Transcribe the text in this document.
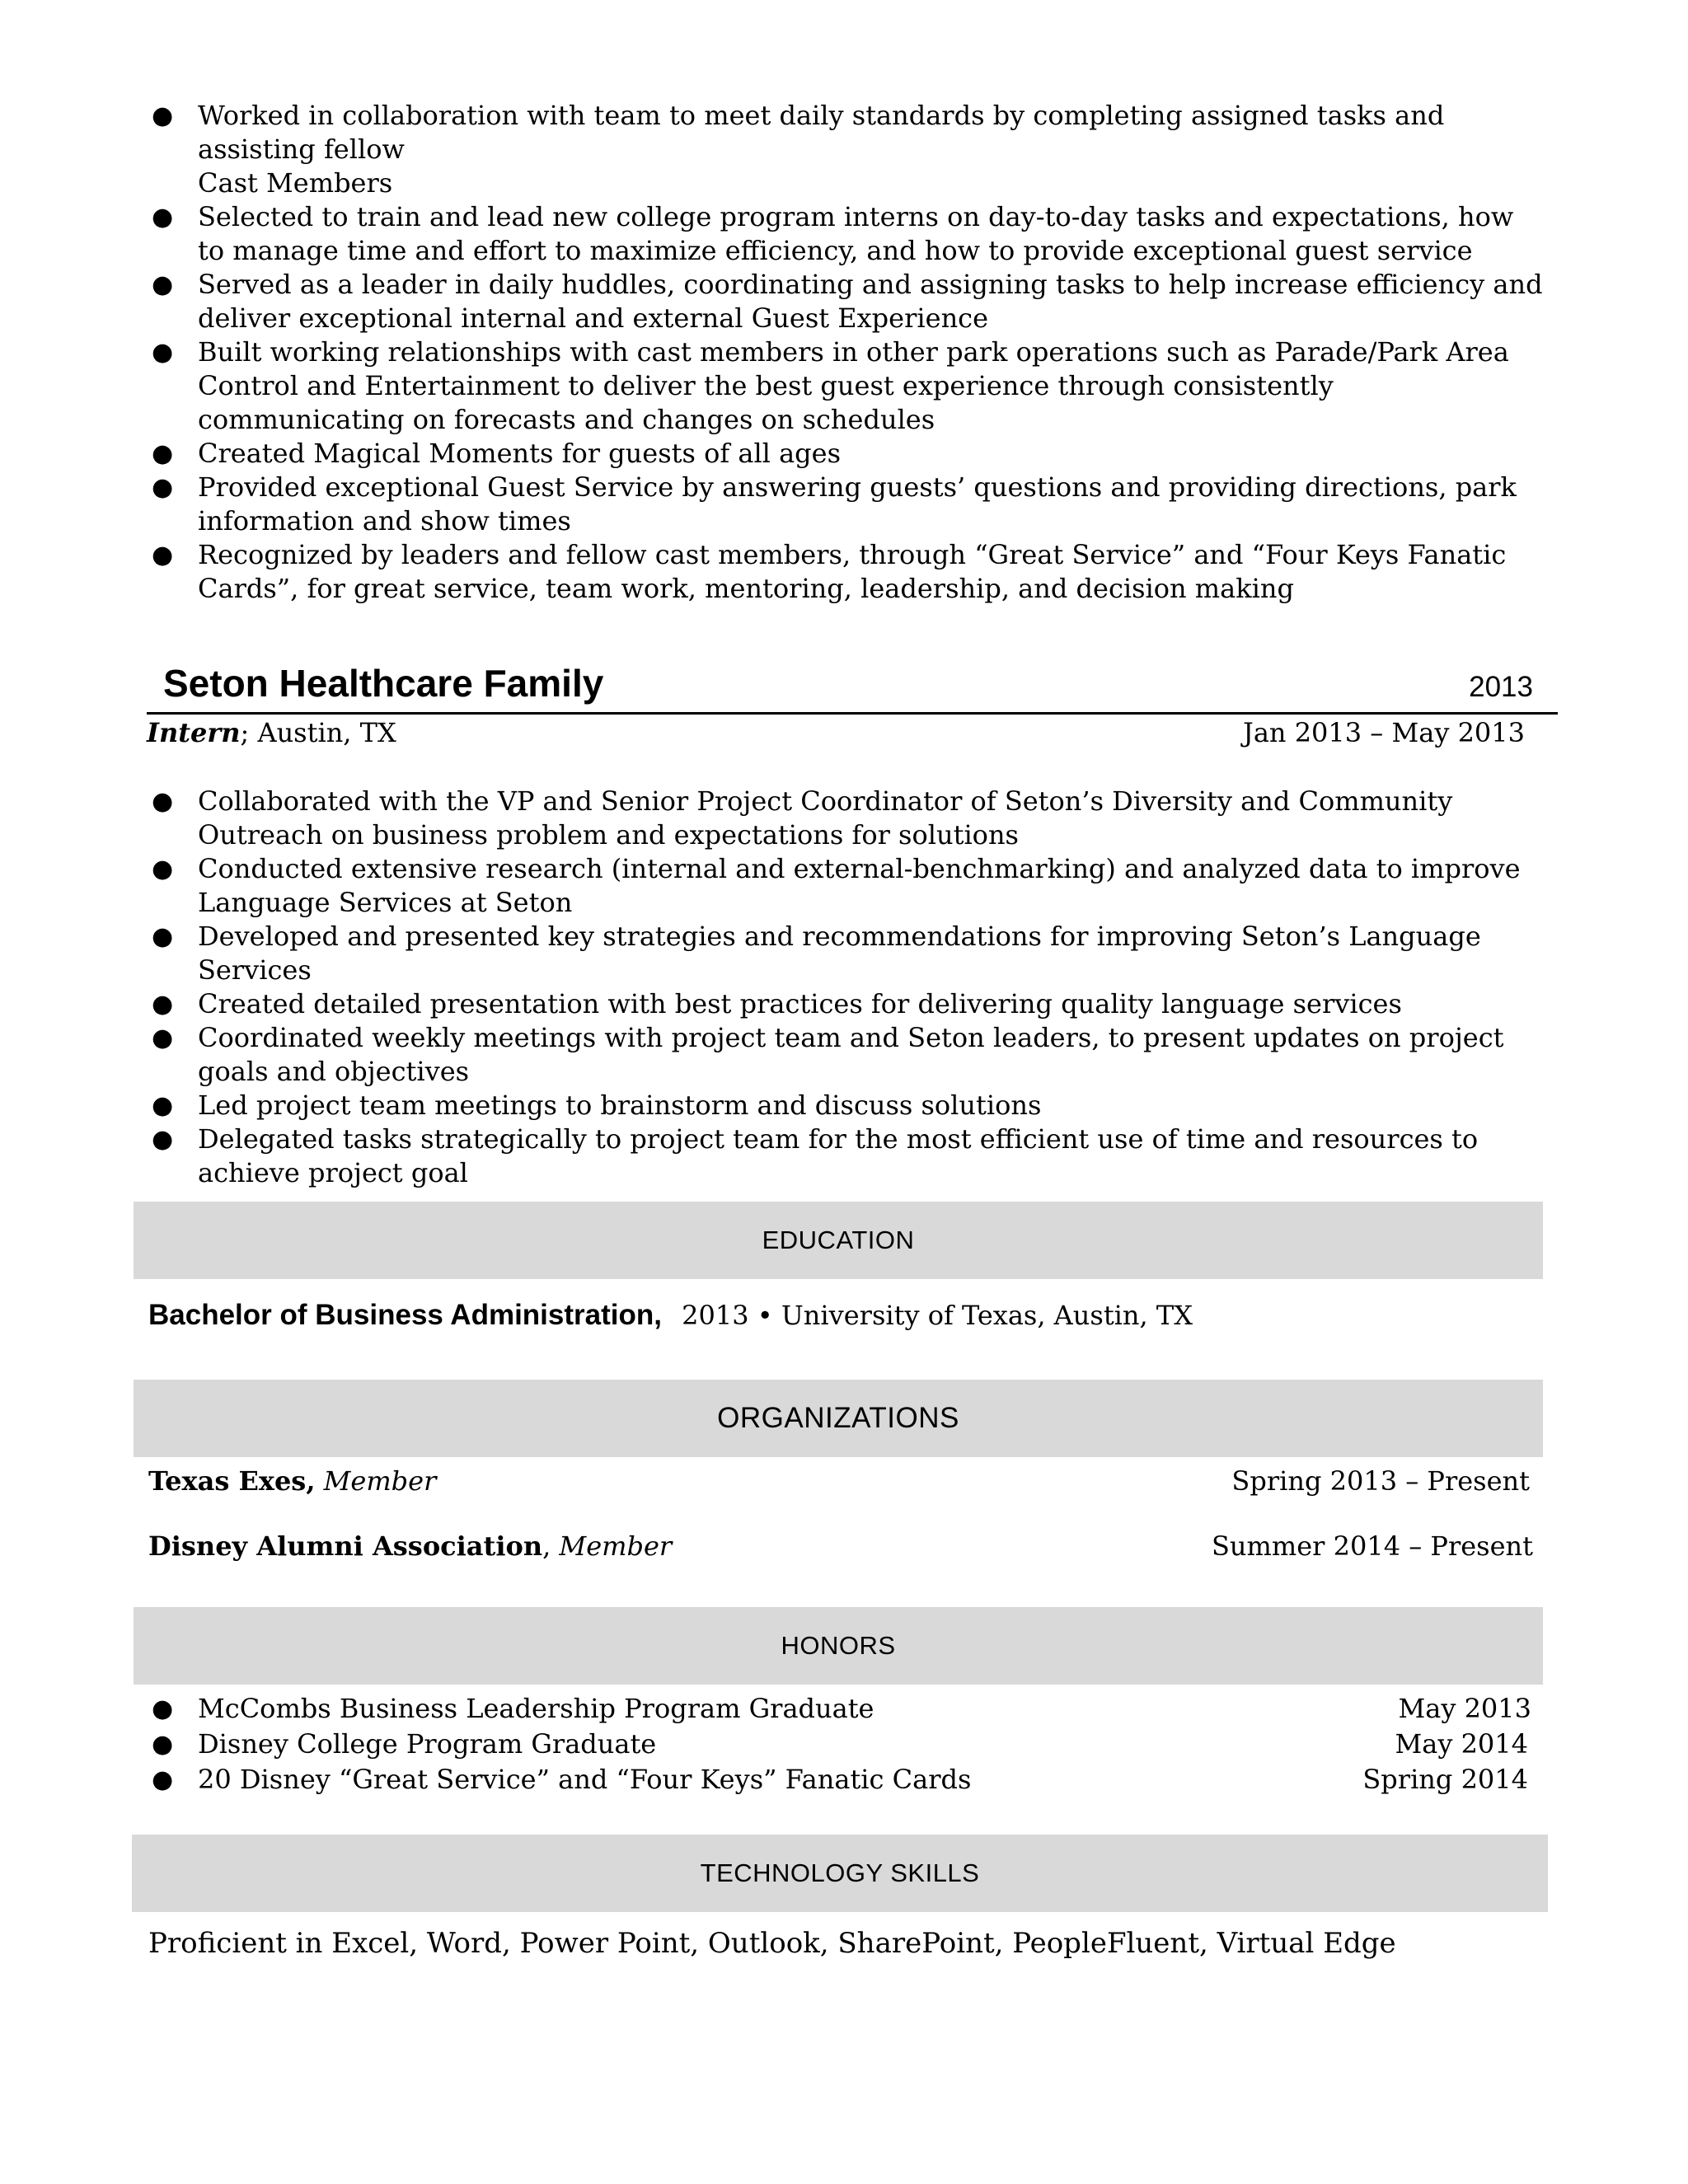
● Worked in collaboration with team to meet daily standards by completing assigned tasks and assisting fellow
Cast Members
● Selected to train and lead new college program interns on day-to-day tasks and expectations, how to manage time and effort to maximize efficiency, and how to provide exceptional guest service
● Served as a leader in daily huddles, coordinating and assigning tasks to help increase efficiency and deliver exceptional internal and external Guest Experience
● Built working relationships with cast members in other park operations such as Parade/Park Area Control and Entertainment to deliver the best guest experience through consistently communicating on forecasts and changes on schedules
● Created Magical Moments for guests of all ages
● Provided exceptional Guest Service by answering guests’ questions and providing directions, park information and show times
● Recognized by leaders and fellow cast members, through “Great Service” and “Four Keys Fanatic Cards”, for great service, team work, mentoring, leadership, and decision making
Seton Healthcare Family	2013
Intern; Austin, TX	Jan 2013 – May 2013
● Collaborated with the VP and Senior Project Coordinator of Seton’s Diversity and Community Outreach on business problem and expectations for solutions
● Conducted extensive research (internal and external-benchmarking) and analyzed data to improve Language Services at Seton
● Developed and presented key strategies and recommendations for improving Seton’s Language Services
● Created detailed presentation with best practices for delivering quality language services
● Coordinated weekly meetings with project team and Seton leaders, to present updates on project goals and objectives
● Led project team meetings to brainstorm and discuss solutions
● Delegated tasks strategically to project team for the most efficient use of time and resources to achieve project goal
EDUCATION
Bachelor of Business Administration, 2013 • University of Texas, Austin, TX
ORGANIZATIONS
Texas Exes, Member	Spring 2013 – Present
Disney Alumni Association, Member	Summer 2014 – Present
HONORS
● McCombs Business Leadership Program Graduate	May 2013
● Disney College Program Graduate	May 2014
● 20 Disney “Great Service” and “Four Keys” Fanatic Cards	Spring 2014
TECHNOLOGY SKILLS
Proficient in Excel, Word, Power Point, Outlook, SharePoint, PeopleFluent, Virtual Edge
